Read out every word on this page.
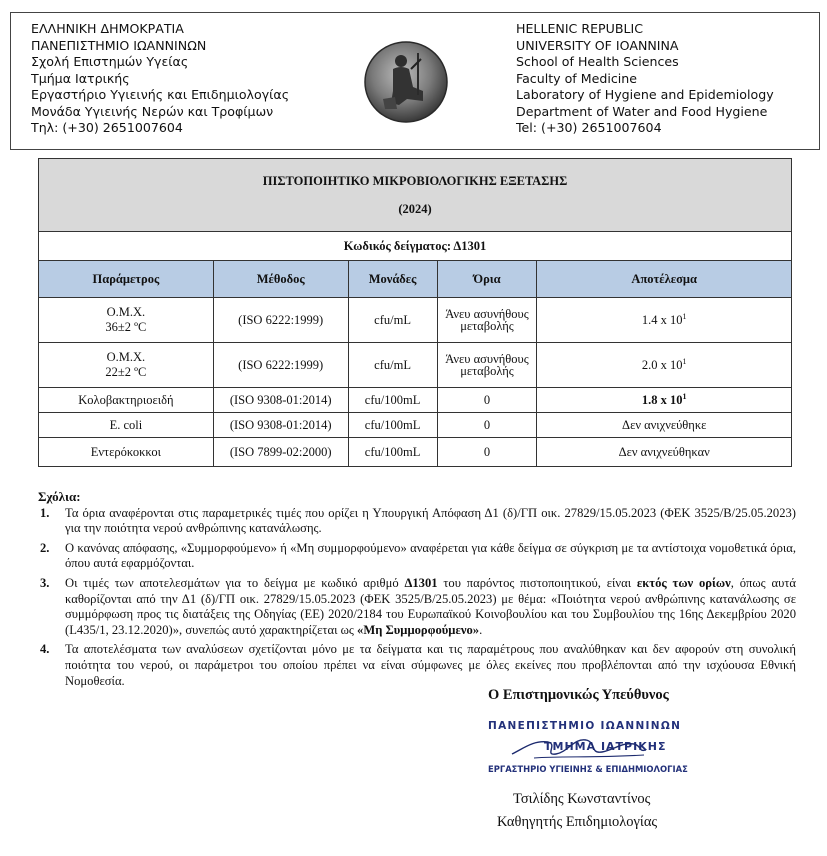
ΕΛΛΗΝΙΚΗ ΔΗΜΟΚΡΑΤΙΑ
ΠΑΝΕΠΙΣΤΗΜΙΟ ΙΩΑΝΝΙΝΩΝ
Σχολή Επιστημών Υγείας
Τμήμα Ιατρικής
Εργαστήριο Υγιεινής και Επιδημιολογίας
Μονάδα Υγιεινής Νερών και Τροφίμων
Τηλ: (+30) 2651007604
HELLENIC REPUBLIC
UNIVERSITY OF IOANNINA
School of Health Sciences
Faculty of Medicine
Laboratory of Hygiene and Epidemiology
Department of Water and Food Hygiene
Tel: (+30) 2651007604
ΠΙΣΤΟΠΟΙΗΤΙΚΟ ΜΙΚΡΟΒΙΟΛΟΓΙΚΗΣ ΕΞΕΤΑΣΗΣ
(2024)				

Κωδικός δείγματος: Δ1301				
Παράμετρος	Μέθοδος	Μονάδες	Όρια	Αποτέλεσμα

Ο.Μ.Χ.
36±2 ºC	(ISO 6222:1999)	cfu/mL	Άνευ ασυνήθους μεταβολής	1.4 x $10^1$

Ο.Μ.Χ.
22±2 ºC	(ISO 6222:1999)	cfu/mL	Άνευ ασυνήθους μεταβολής	2.0 x $10^1$
Κολοβακτηριοειδή	(ISO 9308-01:2014)	cfu/100mL	0	1.8 x $10^1$
E. coli	(ISO 9308-01:2014)	cfu/100mL	0	Δεν ανιχνεύθηκε
Εντερόκοκκοι	(ISO 7899-02:2000)	cfu/100mL	0	Δεν ανιχνεύθηκαν
Σχόλια:
1. Τα όρια αναφέρονται στις παραμετρικές τιμές που ορίζει η Υπουργική Απόφαση Δ1 (δ)/ΓΠ οικ. 27829/15.05.2023 (ΦΕΚ 3525/Β/25.05.2023) για την ποιότητα νερού ανθρώπινης κατανάλωσης.
2. Ο κανόνας απόφασης, «Συμμορφούμενο» ή «Μη συμμορφούμενο» αναφέρεται για κάθε δείγμα σε σύγκριση με τα αντίστοιχα νομοθετικά όρια, όπου αυτά εφαρμόζονται.
3. Οι τιμές των αποτελεσμάτων για το δείγμα με κωδικό αριθμό Δ1301 του παρόντος πιστοποιητικού, είναι εκτός των ορίων, όπως αυτά καθορίζονται από την Δ1 (δ)/ΓΠ οικ. 27829/15.05.2023 (ΦΕΚ 3525/Β/25.05.2023) με θέμα: «Ποιότητα νερού ανθρώπινης κατανάλωσης σε συμμόρφωση προς τις διατάξεις της Οδηγίας (ΕΕ) 2020/2184 του Ευρωπαϊκού Κοινοβουλίου και του Συμβουλίου της 16ης Δεκεμβρίου 2020 (L435/1, 23.12.2020)», συνεπώς αυτό χαρακτηρίζεται ως «Μη Συμμορφούμενο».
4. Τα αποτελέσματα των αναλύσεων σχετίζονται μόνο με τα δείγματα και τις παραμέτρους που αναλύθηκαν και δεν αφορούν στη συνολική ποιότητα του νερού, οι παράμετροι του οποίου πρέπει να είναι σύμφωνες με όλες εκείνες που προβλέπονται από την ισχύουσα Εθνική Νομοθεσία.
Ο Επιστημονικώς Υπεύθυνος
ΠΑΝΕΠΙΣΤΗΜΙΟ ΙΩΑΝΝΙΝΩΝ
ΤΜΗΜΑ ΙΑΤΡΙΚΗΣ
ΕΡΓΑΣΤΗΡΙΟ ΥΓΙΕΙΝΗΣ & ΕΠΙΔΗΜΙΟΛΟΓΙΑΣ
Τσιλίδης Κωνσταντίνος
Καθηγητής Επιδημιολογίας
